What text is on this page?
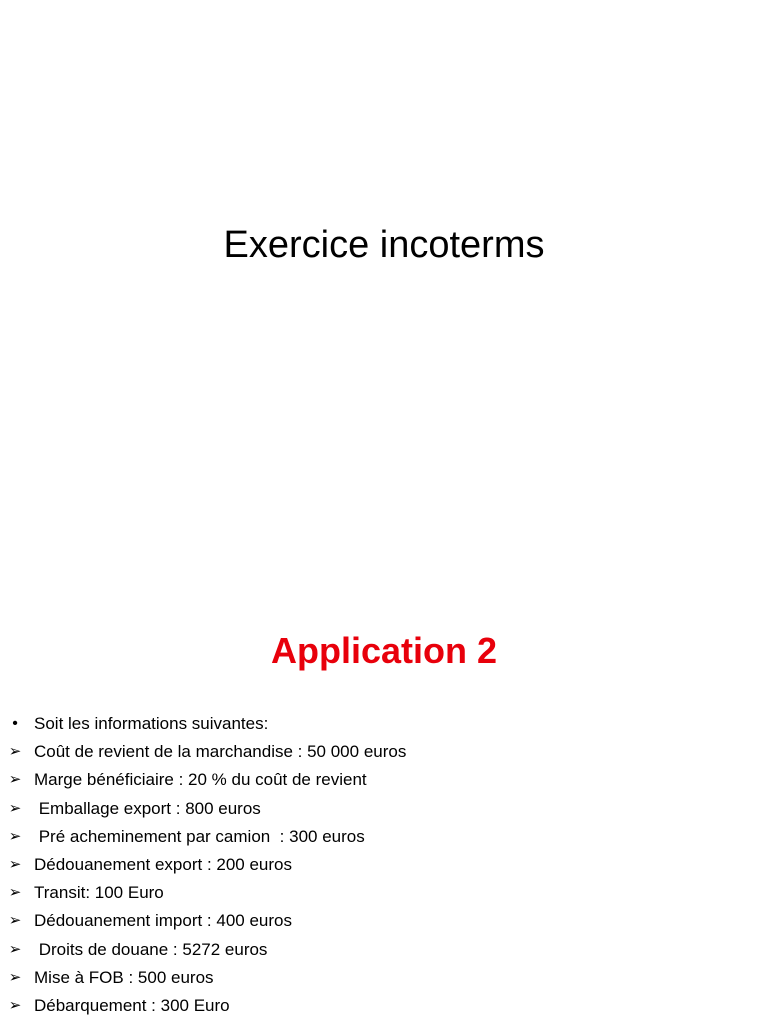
Exercice incoterms
Application 2
• Soit les informations suivantes:
➢ Coût de revient de la marchandise : 50 000 euros
➢ Marge bénéficiaire : 20 % du coût de revient
➢ Emballage export : 800 euros
➢ Pré acheminement par camion  : 300 euros
➢ Dédouanement export : 200 euros
➢ Transit: 100 Euro
➢ Dédouanement import : 400 euros
➢ Droits de douane : 5272 euros
➢ Mise à FOB : 500 euros
➢ Débarquement : 300 Euro
